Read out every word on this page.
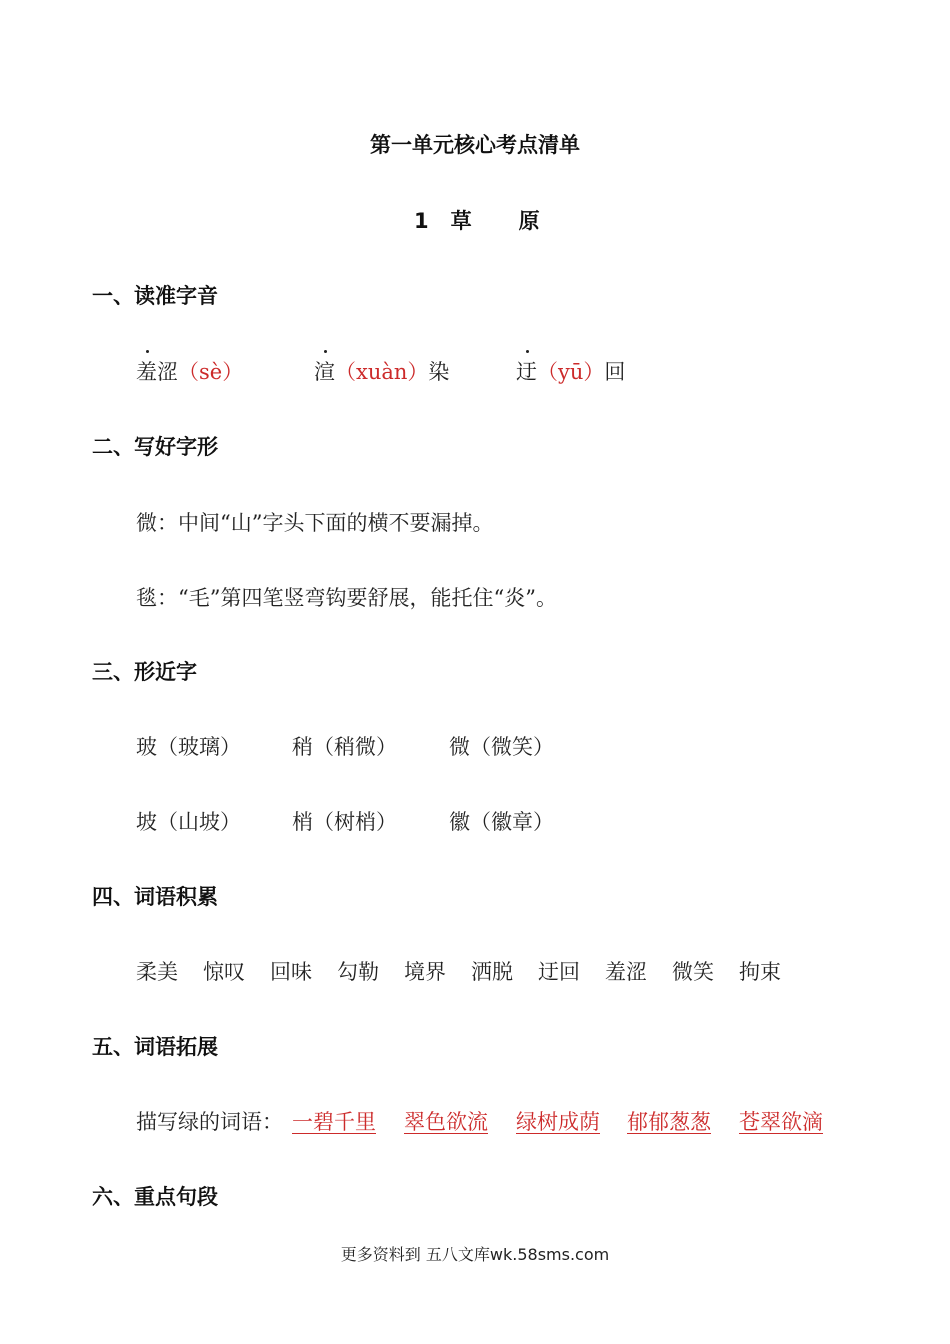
第一单元核心考点清单
1 草 原
一、读准字音
羞涩（sè）	渲（xuàn）染	迂（yū）回
二、写好字形
微：中间“山”字头下面的横不要漏掉。
毯：“毛”第四笔竖弯钩要舒展，能托住“炎”。
三、形近字
玻（玻璃） 稍（稍微） 微（微笑）
坡（山坡） 梢（树梢） 徽（徽章）
四、词语积累
柔美 惊叹 回味 勾勒 境界 洒脱 迂回 羞涩 微笑 拘束
五、词语拓展
描写绿的词语： 一碧千里 翠色欲流 绿树成荫 郁郁葱葱 苍翠欲滴
六、重点句段
更多资料到 五八文库wk.58sms.com
